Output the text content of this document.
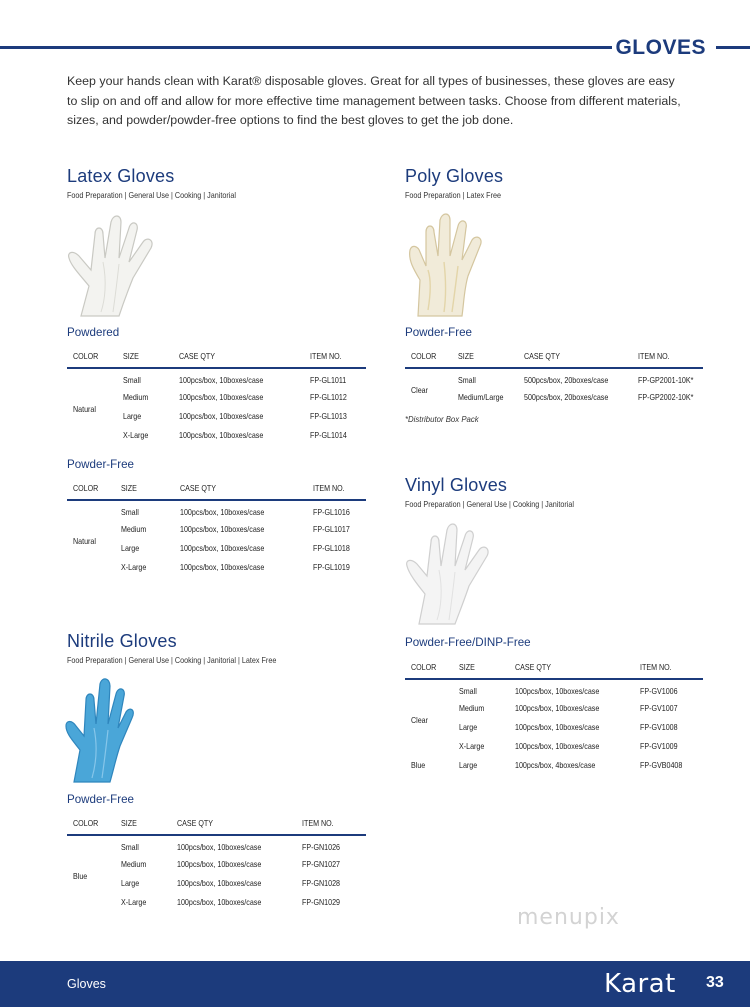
GLOVES

Keep your hands clean with Karat® disposable gloves. Great for all types of businesses, these gloves are easy to slip on and off and allow for more effective time management between tasks. Choose from different materials, sizes, and powder/powder-free options to find the best gloves to get the job done.

Latex Gloves
Food Preparation | General Use | Cooking | Janitorial
Powdered
COLOR	SIZE	CASE QTY	ITEM NO.
Natural	Small	100pcs/box, 10boxes/case	FP-GL1011
	Medium	100pcs/box, 10boxes/case	FP-GL1012
	Large	100pcs/box, 10boxes/case	FP-GL1013
	X-Large	100pcs/box, 10boxes/case	FP-GL1014
Powder-Free
COLOR	SIZE	CASE QTY	ITEM NO.
Natural	Small	100pcs/box, 10boxes/case	FP-GL1016
	Medium	100pcs/box, 10boxes/case	FP-GL1017
	Large	100pcs/box, 10boxes/case	FP-GL1018
	X-Large	100pcs/box, 10boxes/case	FP-GL1019
Nitrile Gloves
Food Preparation | General Use | Cooking | Janitorial | Latex Free
Powder-Free
COLOR	SIZE	CASE QTY	ITEM NO.
Blue	Small	100pcs/box, 10boxes/case	FP-GN1026
	Medium	100pcs/box, 10boxes/case	FP-GN1027
	Large	100pcs/box, 10boxes/case	FP-GN1028
	X-Large	100pcs/box, 10boxes/case	FP-GN1029
Poly Gloves
Food Preparation | Latex Free
Powder-Free
COLOR	SIZE	CASE QTY	ITEM NO.
Clear	Small	500pcs/box, 20boxes/case	FP-GP2001-10K*
	Medium/Large	500pcs/box, 20boxes/case	FP-GP2002-10K*
*Distributor Box Pack
Vinyl Gloves
Food Preparation | General Use | Cooking | Janitorial
Powder-Free/DINP-Free
COLOR	SIZE	CASE QTY	ITEM NO.
Clear	Small	100pcs/box, 10boxes/case	FP-GV1006
	Medium	100pcs/box, 10boxes/case	FP-GV1007
	Large	100pcs/box, 10boxes/case	FP-GV1008
	X-Large	100pcs/box, 10boxes/case	FP-GV1009
Blue	Large	100pcs/box, 4boxes/case	FP-GVB0408
menupix
Gloves	Karat 33
